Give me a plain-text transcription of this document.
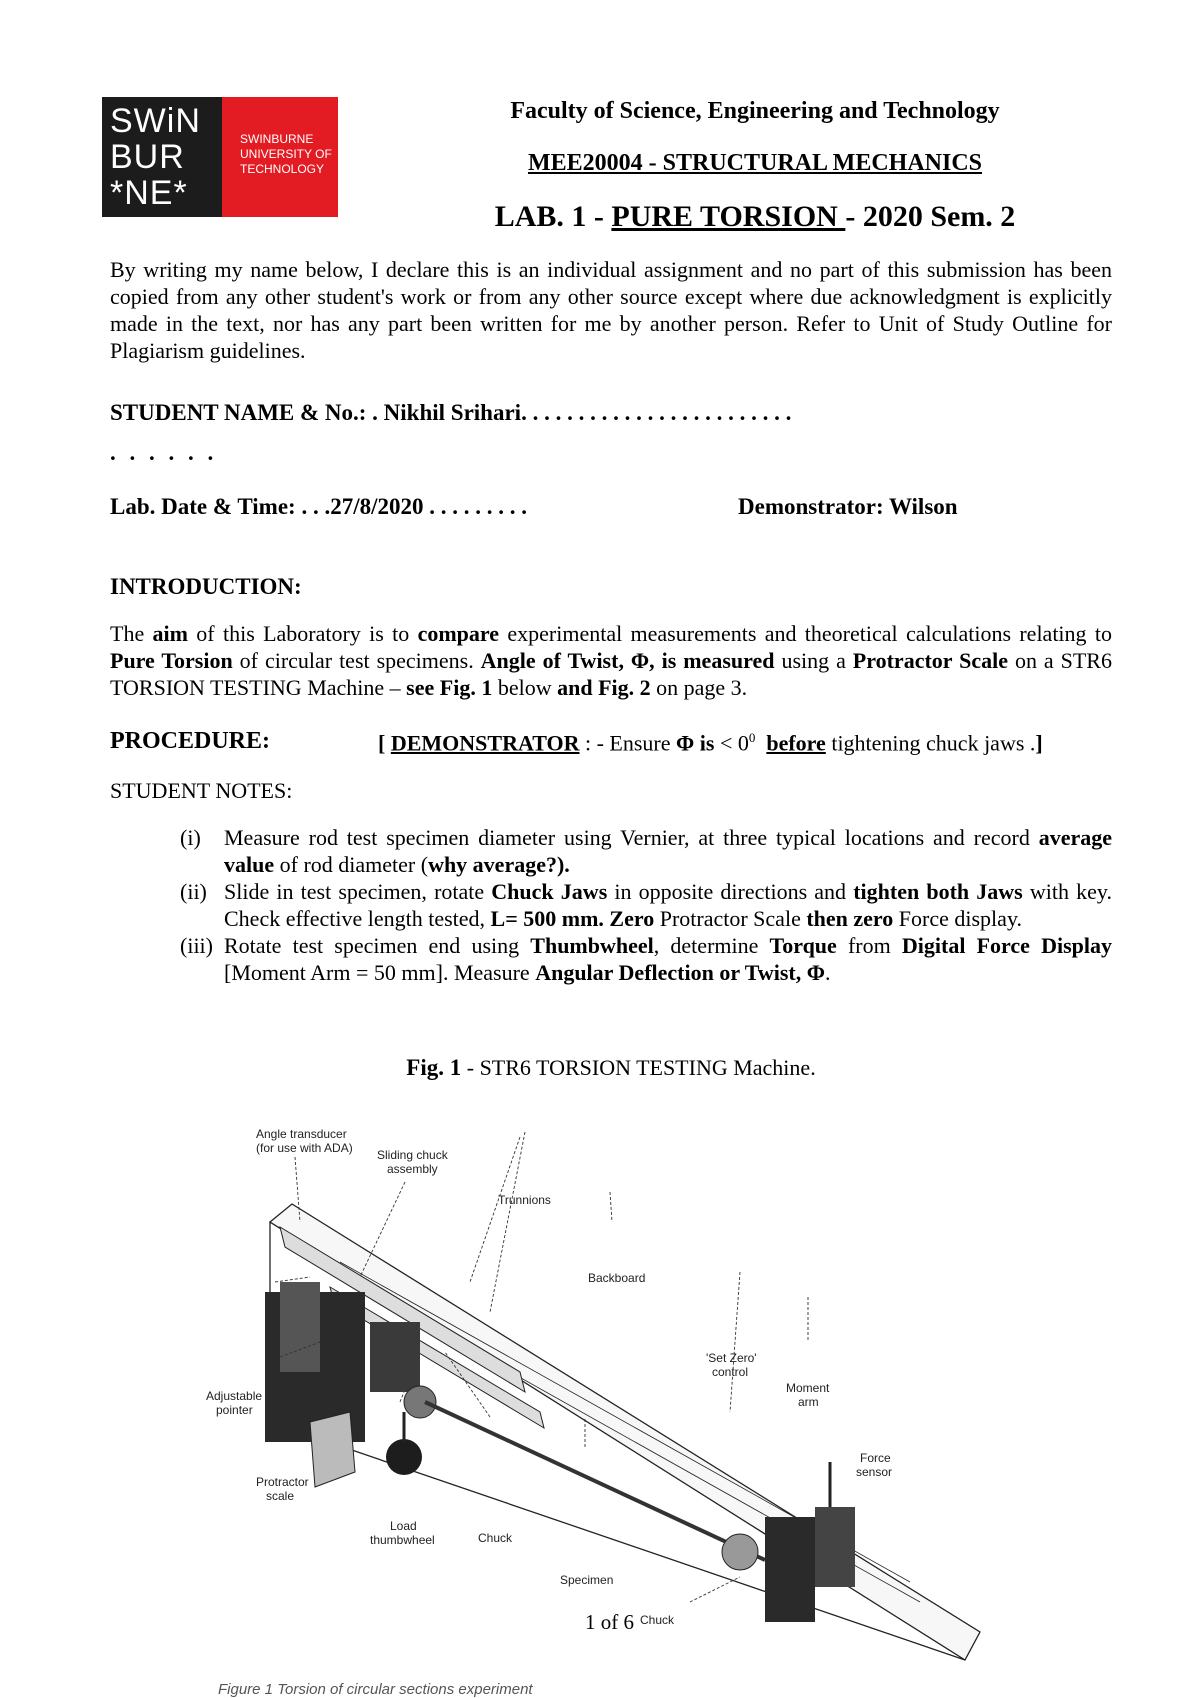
SWiN
BUR
*NE*
SWINBURNE
UNIVERSITY OF
TECHNOLOGY
Faculty of Science, Engineering and Technology
MEE20004 - STRUCTURAL MECHANICS
LAB. 1 - PURE TORSION - 2020 Sem. 2
By writing my name below, I declare this is an individual assignment and no part of this submission has been copied from any other student's work or from any other source except where due acknowledgment is explicitly made in the text, nor has any part been written for me by another person. Refer to Unit of Study Outline for Plagiarism guidelines.
STUDENT NAME & No.: . Nikhil Srihari. . . . . . . . . . . . . . . . . . . . . . . .
. . . . . .
Lab. Date & Time: . . .27/8/2020 . . . . . . . . .	Demonstrator: Wilson
INTRODUCTION:
The aim of this Laboratory is to compare experimental measurements and theoretical calculations relating to Pure Torsion of circular test specimens. Angle of Twist, Φ, is measured using a Protractor Scale on a STR6 TORSION TESTING Machine – see Fig. 1 below and Fig. 2 on page 3.
PROCEDURE:	[ DEMONSTRATOR : - Ensure Φ is < $0^0$ before tightening chuck jaws .]
STUDENT NOTES:
(i) Measure rod test specimen diameter using Vernier, at three typical locations and record average value of rod diameter (why average?).
(ii) Slide in test specimen, rotate Chuck Jaws in opposite directions and tighten both Jaws with key. Check effective length tested, L= 500 mm. Zero Protractor Scale then zero Force display.
(iii) Rotate test specimen end using Thumbwheel, determine Torque from Digital Force Display [Moment Arm = 50 mm]. Measure Angular Deflection or Twist, Φ.
Fig. 1 - STR6 TORSION TESTING Machine.
Angle transducer
(for use with ADA) Sliding chuck
assembly
Trunnions
Backboard
'Set Zero'
control
Moment
arm
Force
sensor
Adjustable
pointer
Protractor
scale
Load
thumbwheel	Chuck
Specimen
Chuck
Figure 1 Torsion of circular sections experiment
1 of 6
